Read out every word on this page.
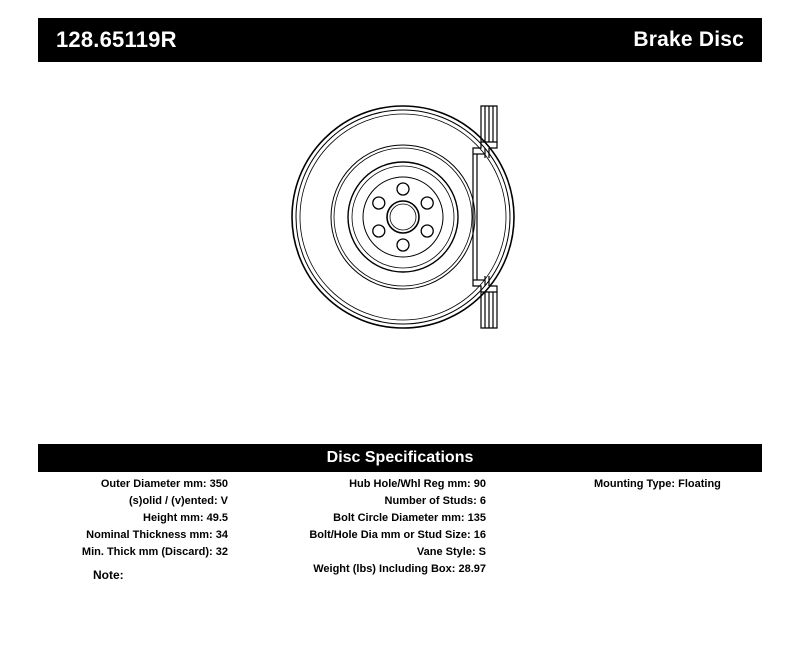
128.65119R	Brake Disc
Disc Specifications
Outer Diameter mm: 350
(s)olid / (v)ented: V
Height mm: 49.5
Nominal Thickness mm: 34
Min. Thick mm (Discard): 32
Hub Hole/Whl Reg mm: 90
Number of Studs: 6
Bolt Circle Diameter mm: 135
Bolt/Hole Dia mm or Stud Size: 16
Vane Style: S
Weight (lbs) Including Box: 28.97
Mounting Type: Floating
Note:
